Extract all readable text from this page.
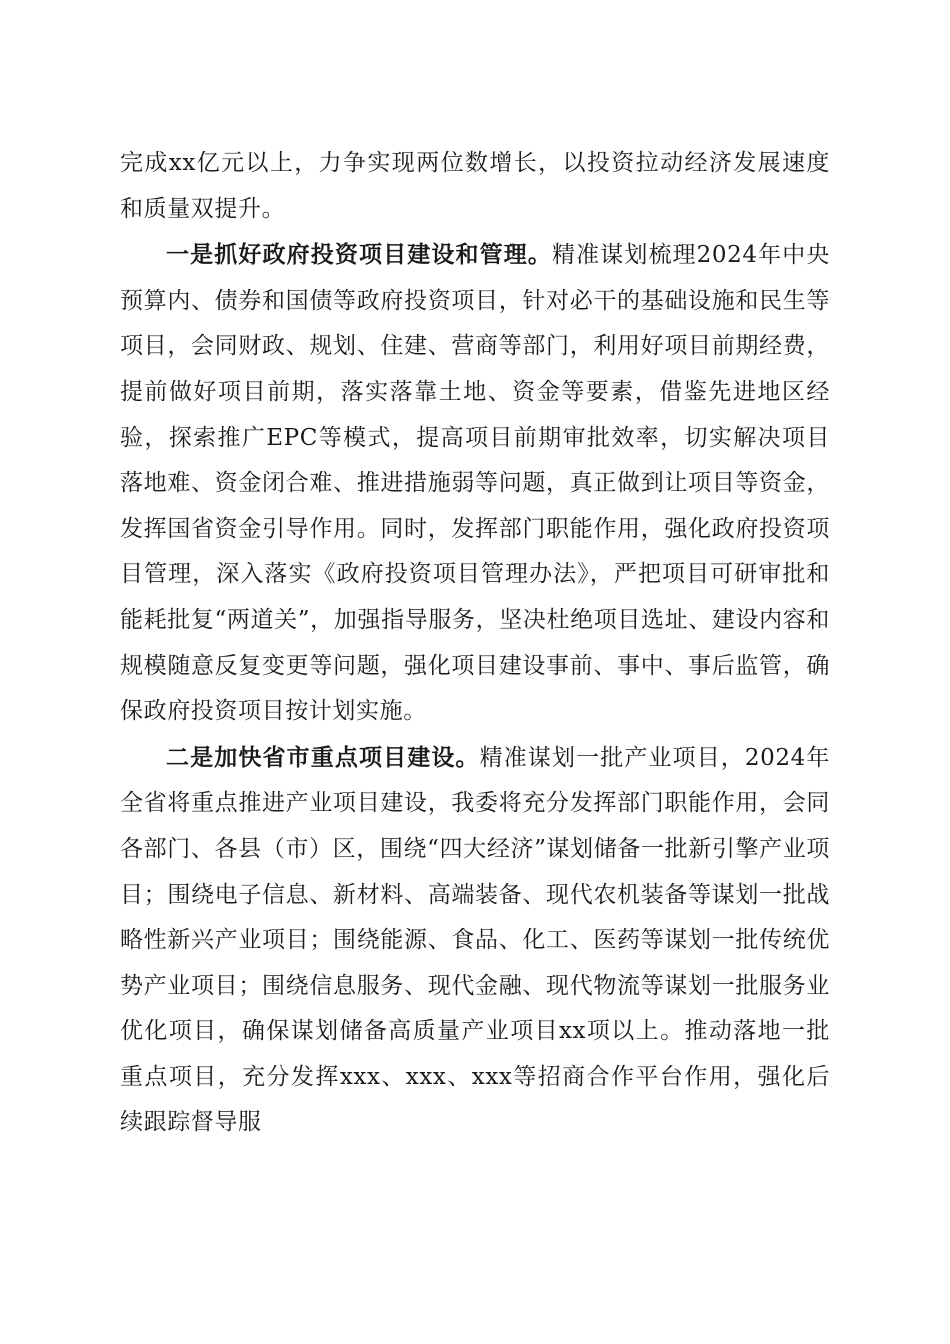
完成xx亿元以上，力争实现两位数增长，以投资拉动经济发展速度和质量双提升。

一是抓好政府投资项目建设和管理。精准谋划梳理2024年中央预算内、债券和国债等政府投资项目，针对必干的基础设施和民生等项目，会同财政、规划、住建、营商等部门，利用好项目前期经费，提前做好项目前期，落实落靠土地、资金等要素，借鉴先进地区经验，探索推广EPC等模式，提高项目前期审批效率，切实解决项目落地难、资金闭合难、推进措施弱等问题，真正做到让项目等资金，发挥国省资金引导作用。同时，发挥部门职能作用，强化政府投资项目管理，深入落实《政府投资项目管理办法》，严把项目可研审批和能耗批复“两道关”，加强指导服务，坚决杜绝项目选址、建设内容和规模随意反复变更等问题，强化项目建设事前、事中、事后监管，确保政府投资项目按计划实施。

二是加快省市重点项目建设。精准谋划一批产业项目，2024年全省将重点推进产业项目建设，我委将充分发挥部门职能作用，会同各部门、各县（市）区，围绕“四大经济”谋划储备一批新引擎产业项目；围绕电子信息、新材料、高端装备、现代农机装备等谋划一批战略性新兴产业项目；围绕能源、食品、化工、医药等谋划一批传统优势产业项目；围绕信息服务、现代金融、现代物流等谋划一批服务业优化项目，确保谋划储备高质量产业项目xx项以上。推动落地一批重点项目，充分发挥xxx、xxx、xxx等招商合作平台作用，强化后续跟踪督导服
